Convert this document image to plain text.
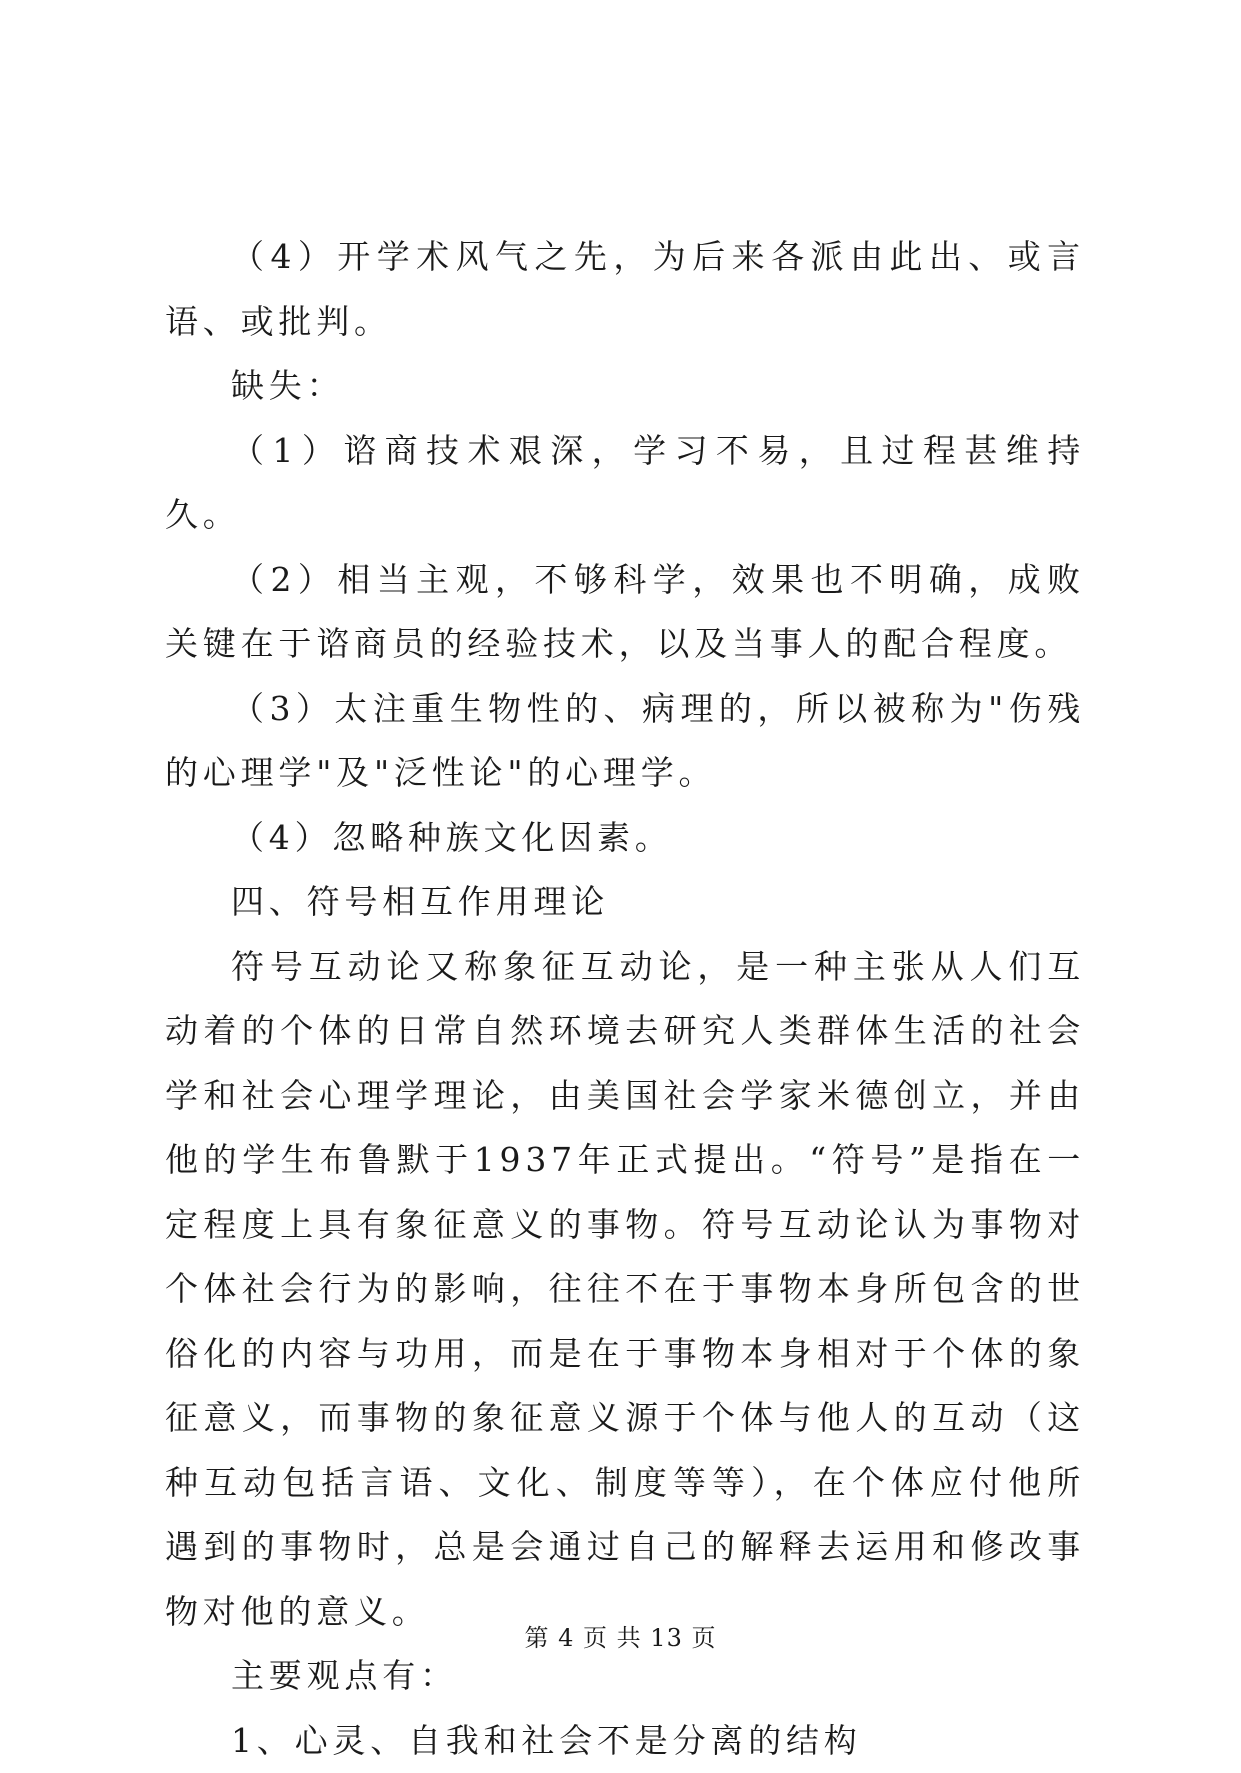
（4）开学术风气之先，为后来各派由此出、或言语、或批判。

缺失：

（1）谘商技术艰深，学习不易，且过程甚维持久。

（2）相当主观，不够科学，效果也不明确，成败关键在于谘商员的经验技术，以及当事人的配合程度。

（3）太注重生物性的、病理的，所以被称为"伤残的心理学"及"泛性论"的心理学。

（4）忽略种族文化因素。

四、符号相互作用理论

符号互动论又称象征互动论，是一种主张从人们互动着的个体的日常自然环境去研究人类群体生活的社会学和社会心理学理论，由美国社会学家米德创立，并由他的学生布鲁默于1937年正式提出。“符号”是指在一定程度上具有象征意义的事物。符号互动论认为事物对个体社会行为的影响，往往不在于事物本身所包含的世俗化的内容与功用，而是在于事物本身相对于个体的象征意义，而事物的象征意义源于个体与他人的互动（这种互动包括言语、文化、制度等等），在个体应付他所遇到的事物时，总是会通过自己的解释去运用和修改事物对他的意义。

主要观点有：

1、心灵、自我和社会不是分离的结构

第 4 页 共 13 页
